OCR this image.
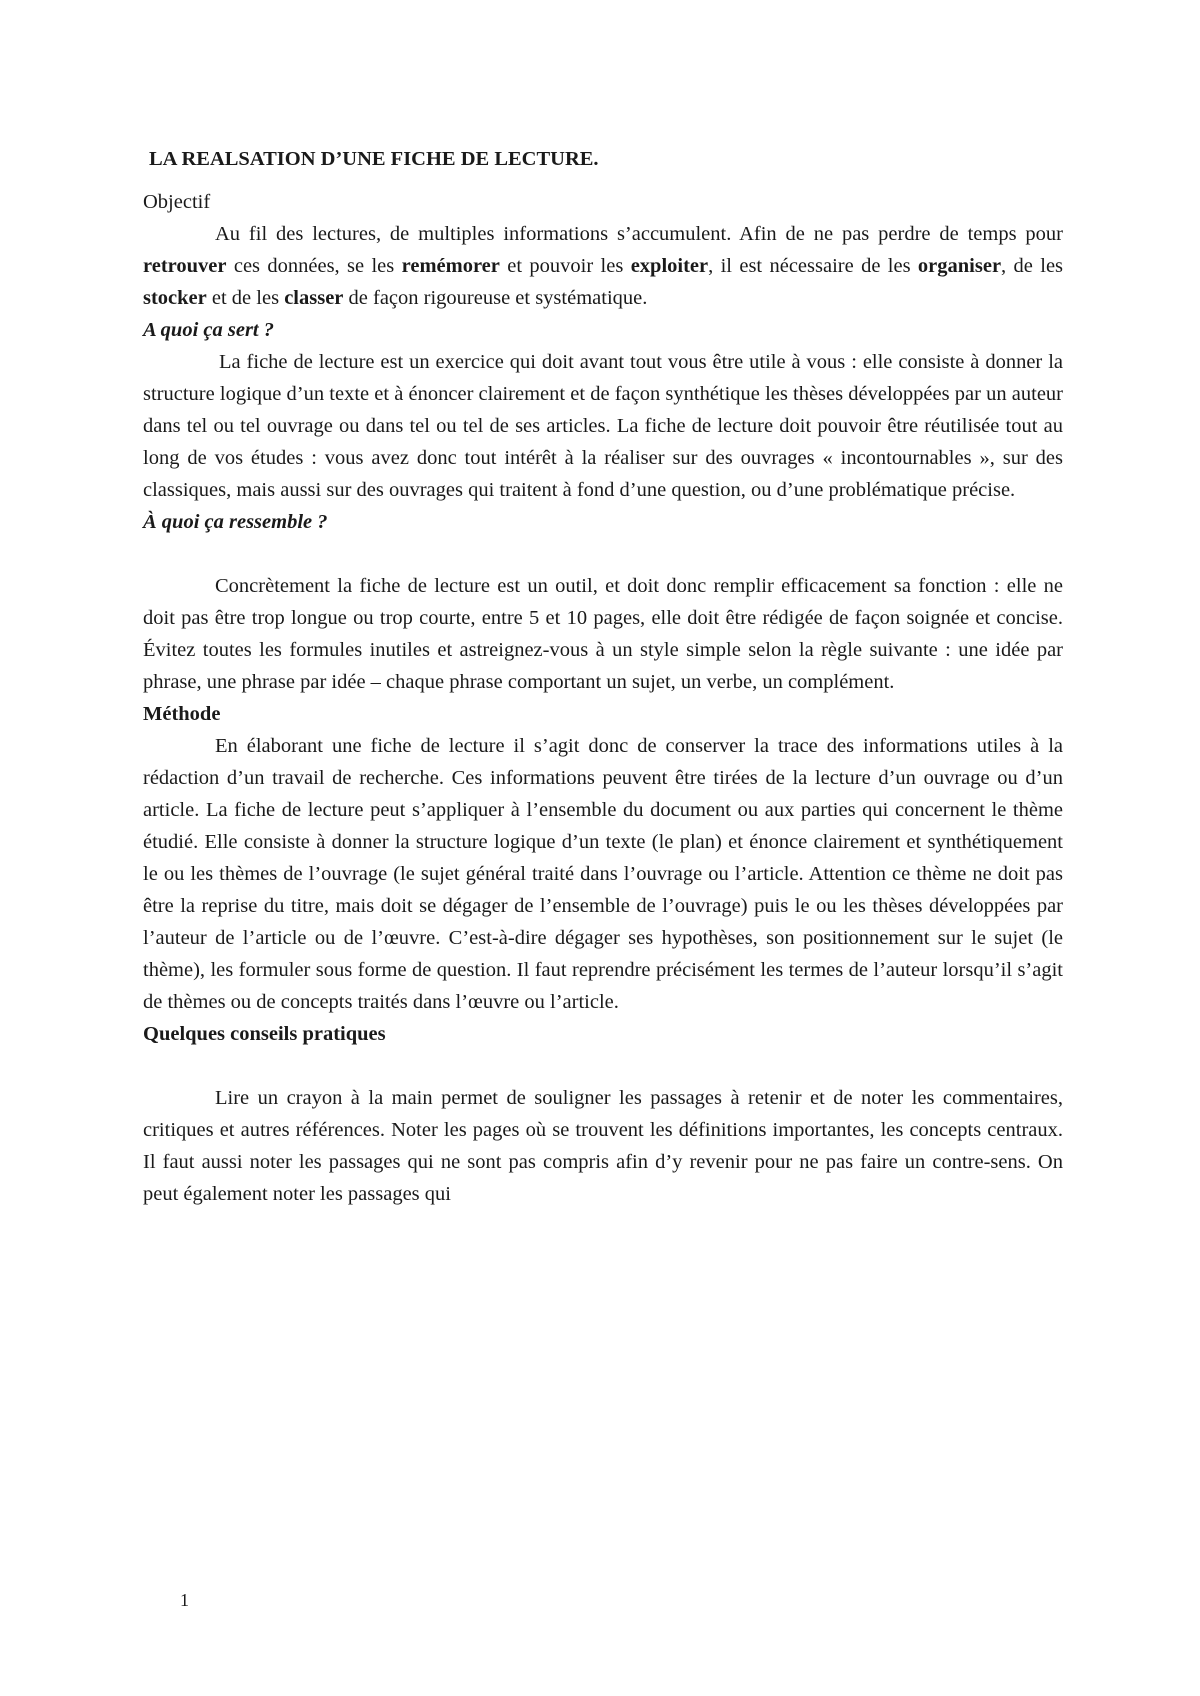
LA REALSATION D’UNE FICHE DE LECTURE.
Objectif

Au fil des lectures, de multiples informations s’accumulent. Afin de ne pas perdre de temps pour retrouver ces données, se les remémorer et pouvoir les exploiter, il est nécessaire de les organiser, de les stocker et de les classer de façon rigoureuse et systématique.

A quoi ça sert ?

La fiche de lecture est un exercice qui doit avant tout vous être utile à vous : elle consiste à donner la structure logique d’un texte et à énoncer clairement et de façon synthétique les thèses développées par un auteur dans tel ou tel ouvrage ou dans tel ou tel de ses articles. La fiche de lecture doit pouvoir être réutilisée tout au long de vos études : vous avez donc tout intérêt à la réaliser sur des ouvrages « incontournables », sur des classiques, mais aussi sur des ouvrages qui traitent à fond d’une question, ou d’une problématique précise.

À quoi ça ressemble ?

Concrètement la fiche de lecture est un outil, et doit donc remplir efficacement sa fonction : elle ne doit pas être trop longue ou trop courte, entre 5 et 10 pages, elle doit être rédigée de façon soignée et concise. Évitez toutes les formules inutiles et astreignez-vous à un style simple selon la règle suivante : une idée par phrase, une phrase par idée – chaque phrase comportant un sujet, un verbe, un complément.

Méthode

En élaborant une fiche de lecture il s’agit donc de conserver la trace des informations utiles à la rédaction d’un travail de recherche. Ces informations peuvent être tirées de la lecture d’un ouvrage ou d’un article. La fiche de lecture peut s’appliquer à l’ensemble du document ou aux parties qui concernent le thème étudié. Elle consiste à donner la structure logique d’un texte (le plan) et énonce clairement et synthétiquement le ou les thèmes de l’ouvrage (le sujet général traité dans l’ouvrage ou l’article. Attention ce thème ne doit pas être la reprise du titre, mais doit se dégager de l’ensemble de l’ouvrage) puis le ou les thèses développées par l’auteur de l’article ou de l’œuvre. C’est-à-dire dégager ses hypothèses, son positionnement sur le sujet (le thème), les formuler sous forme de question. Il faut reprendre précisément les termes de l’auteur lorsqu’il s’agit de thèmes ou de concepts traités dans l’œuvre ou l’article.

Quelques conseils pratiques

Lire un crayon à la main permet de souligner les passages à retenir et de noter les commentaires, critiques et autres références. Noter les pages où se trouvent les définitions importantes, les concepts centraux. Il faut aussi noter les passages qui ne sont pas compris afin d’y revenir pour ne pas faire un contre-sens. On peut également noter les passages qui

1
